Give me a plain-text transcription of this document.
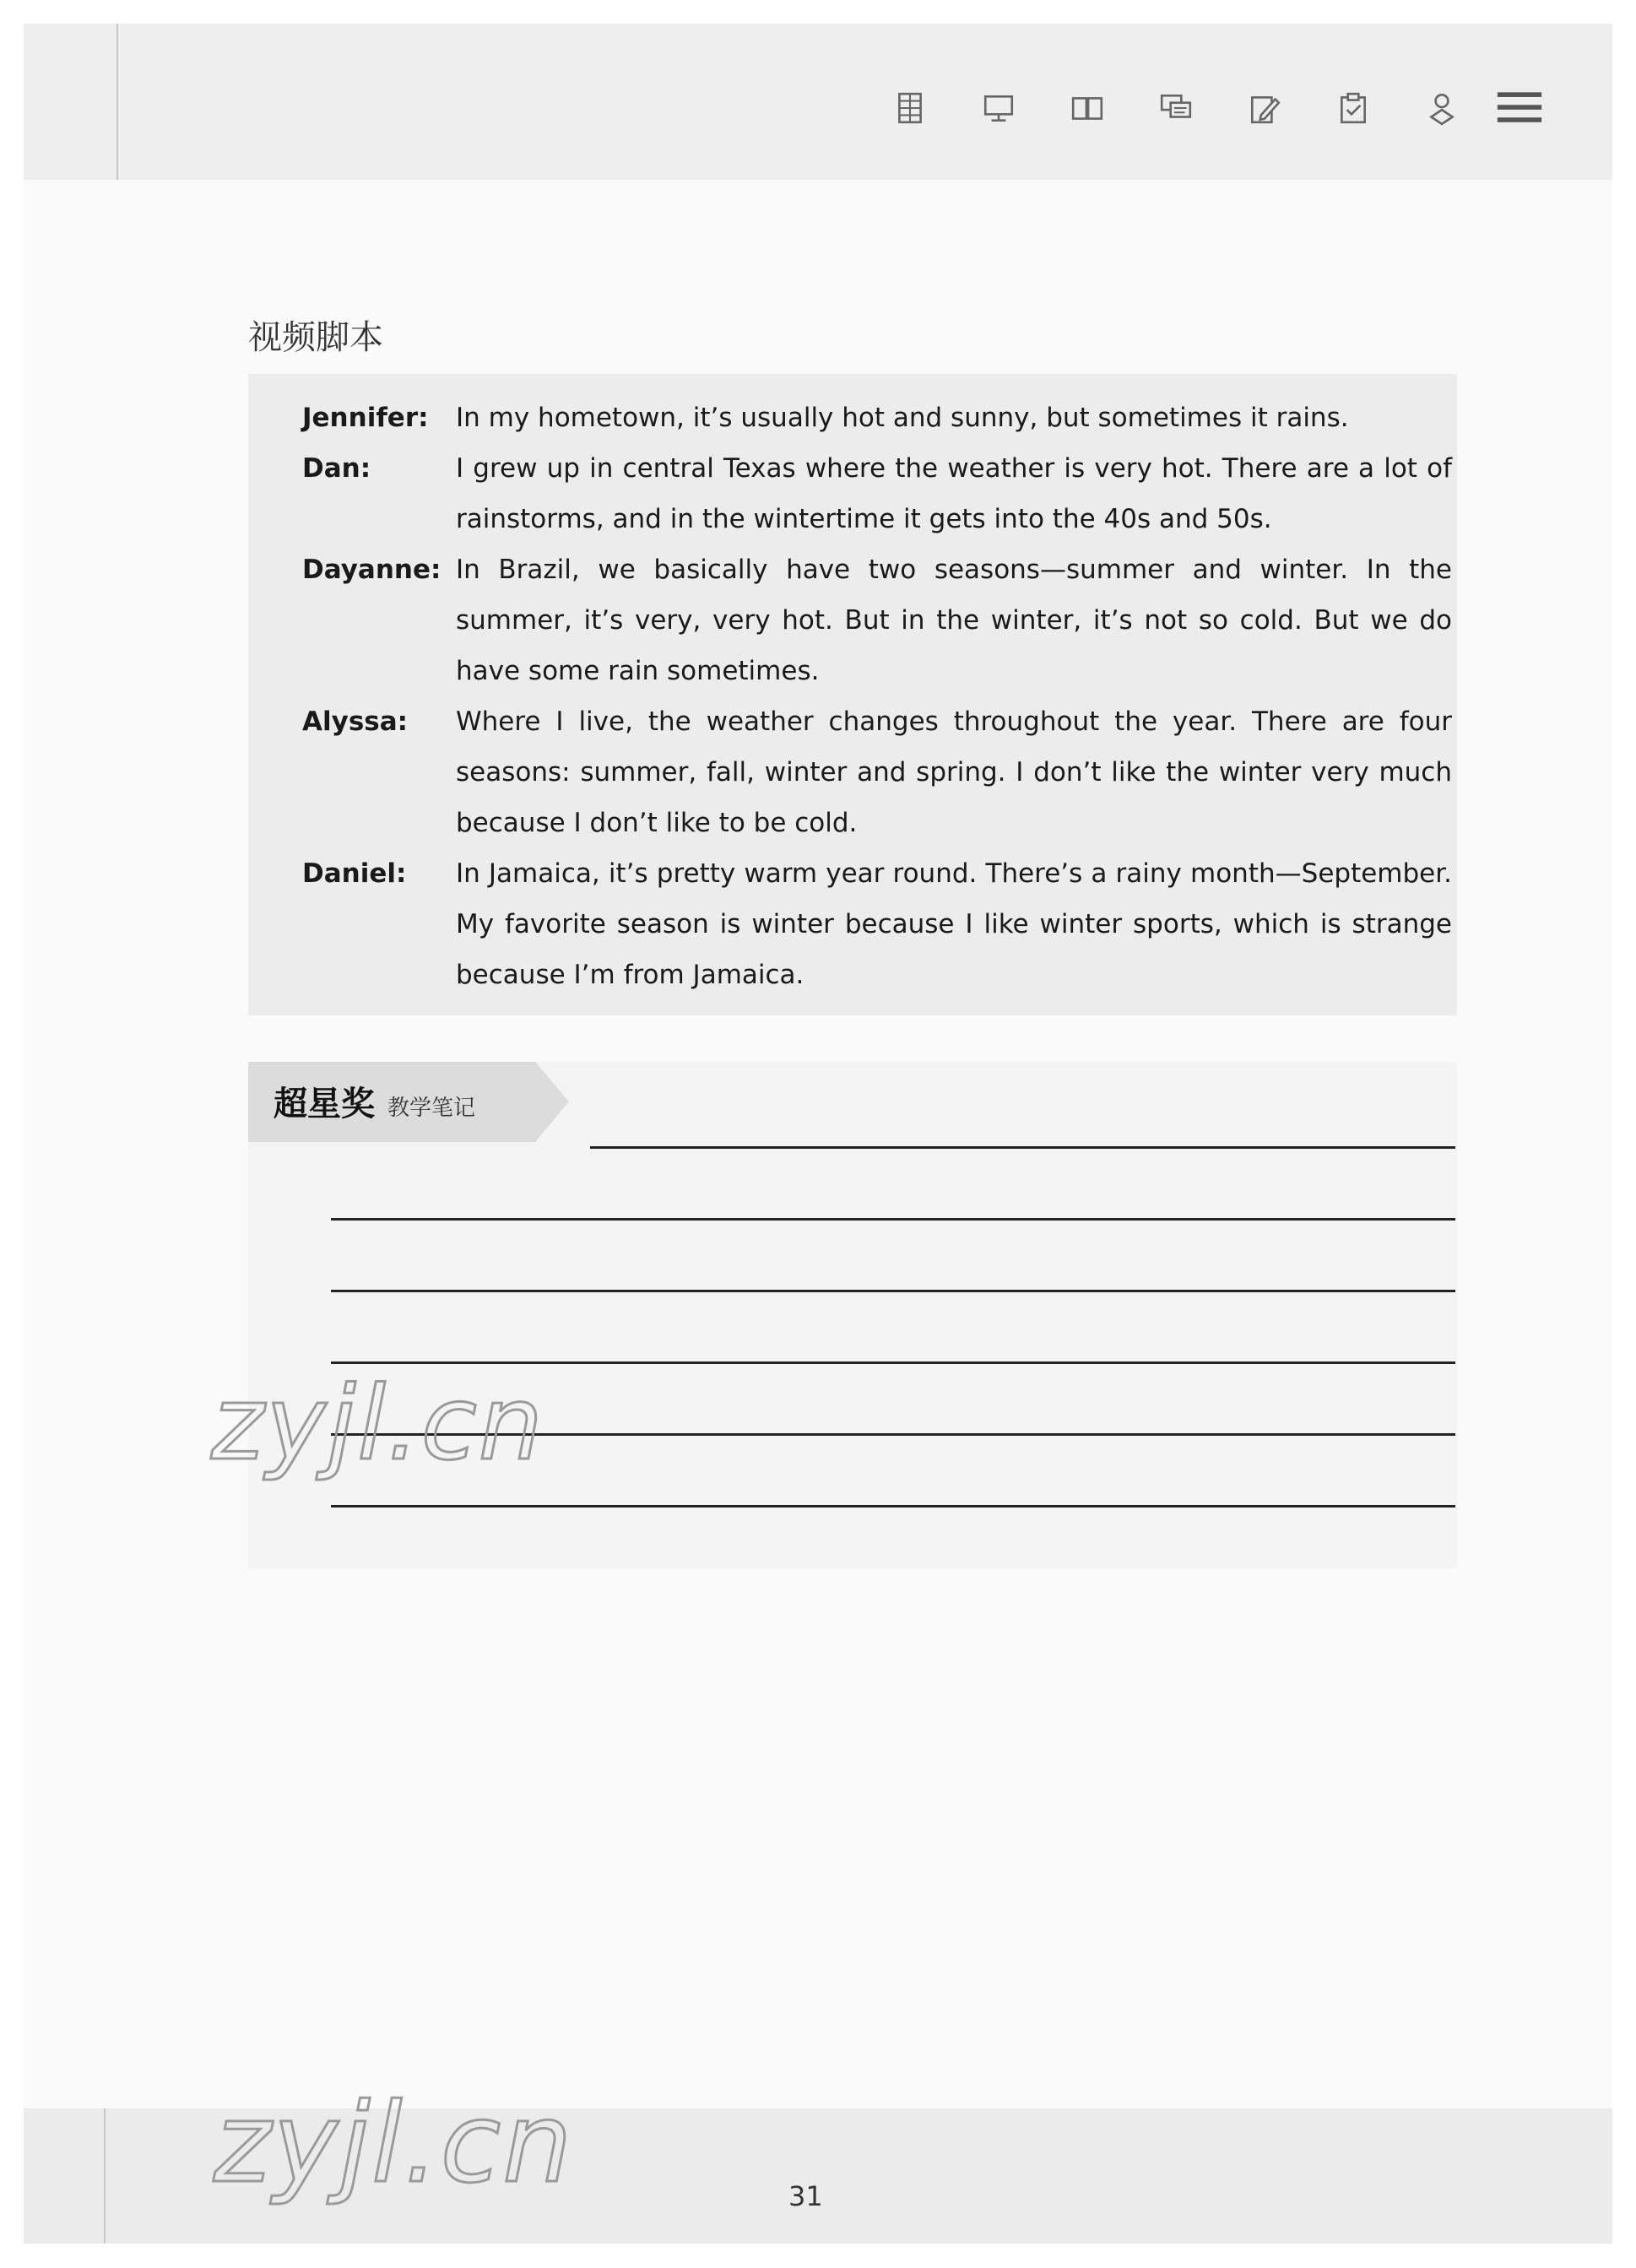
视频脚本
Jennifer: In my hometown, it’s usually hot and sunny, but sometimes it rains.
Dan:	I grew up in central Texas where the weather is very hot. There are a lot of rainstorms, and in the wintertime it gets into the 40s and 50s.
Dayanne: In Brazil, we basically have two seasons—summer and winter. In the summer, it’s very, very hot. But in the winter, it’s not so cold. But we do have some rain sometimes.
Alyssa: Where I live, the weather changes throughout the year. There are four seasons: summer, fall, winter and spring. I don’t like the winter very much because I don’t like to be cold.
Daniel: In Jamaica, it’s pretty warm year round. There’s a rainy month—September. My favorite season is winter because I like winter sports, which is strange because I’m from Jamaica.
超星奖 教学笔记
zyjl.cn
zyjl.cn	31
